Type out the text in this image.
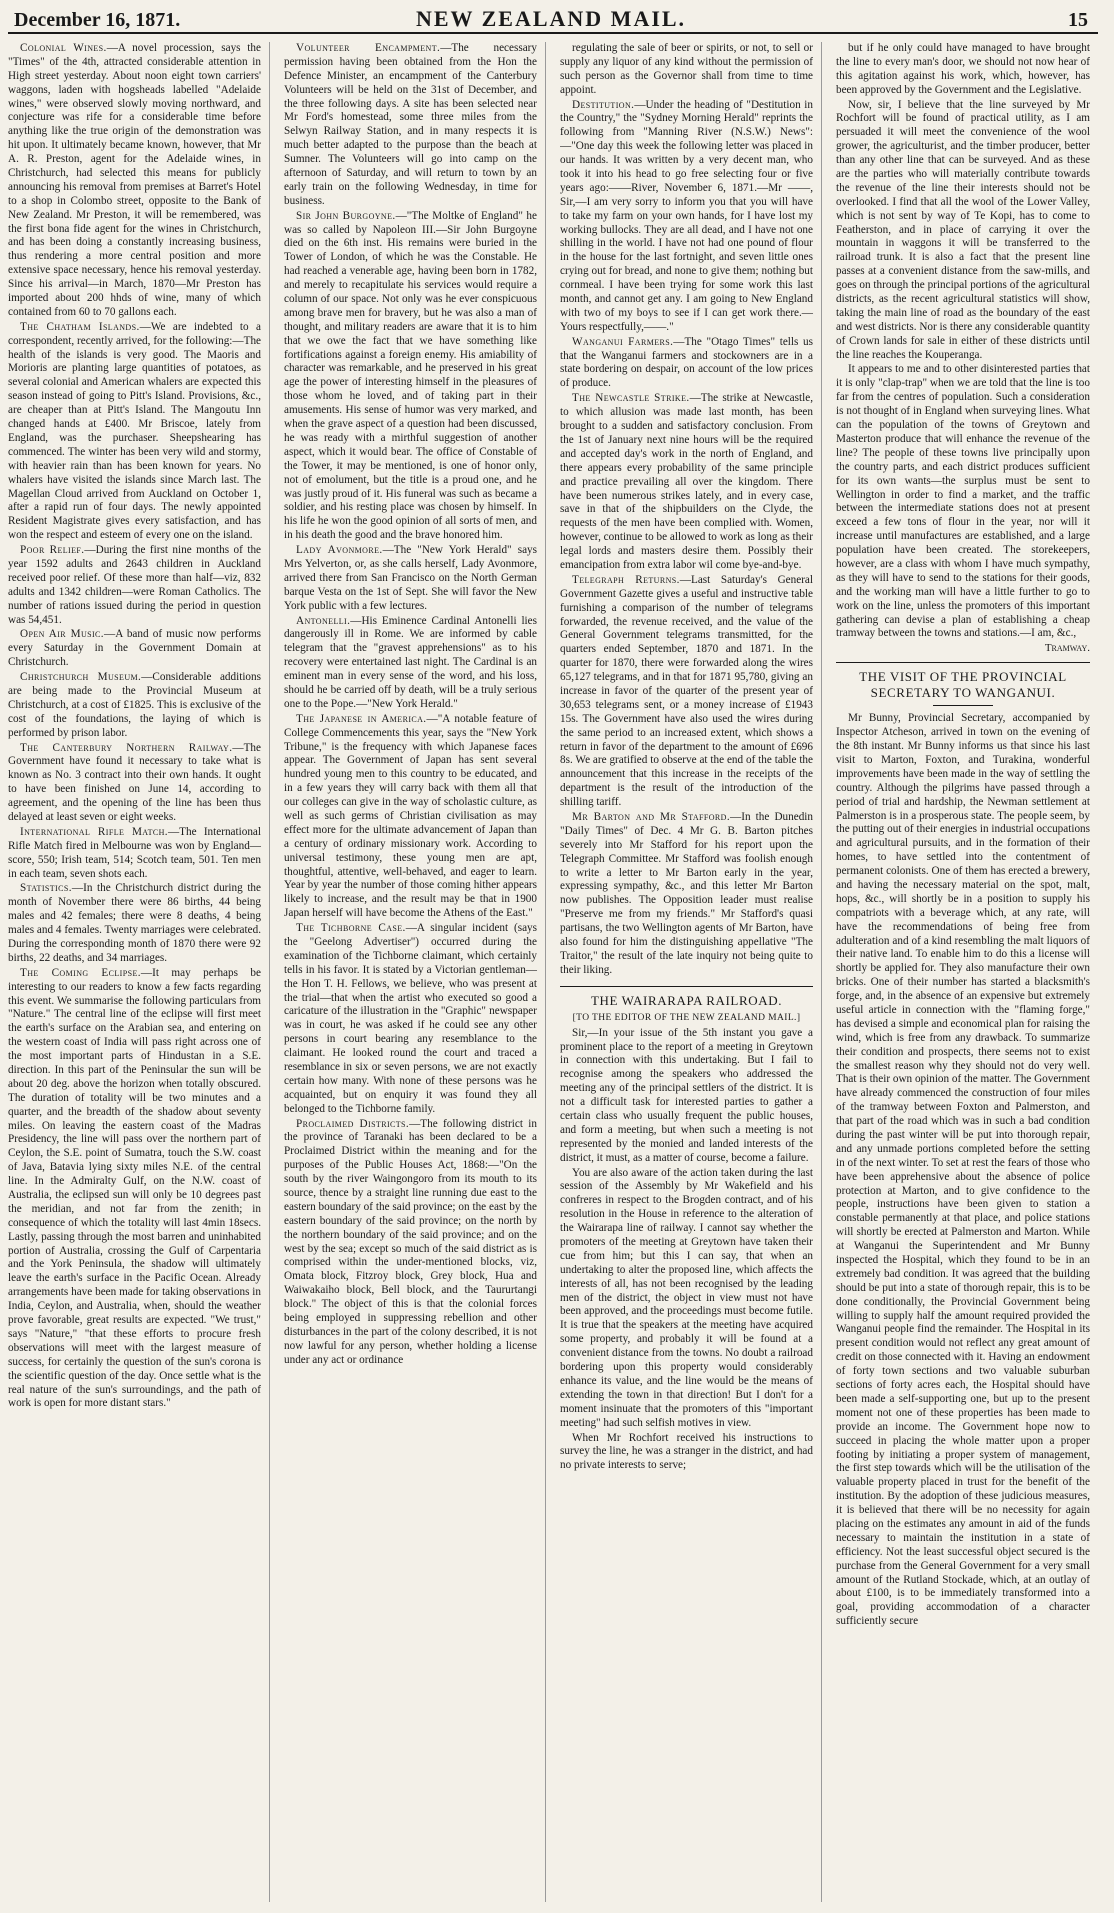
December 16, 1871.	NEW ZEALAND MAIL.	15

Colonial Wines.—A novel procession, says the "Times" of the 4th, attracted considerable attention in High street yesterday. About noon eight town carriers' waggons, laden with hogsheads labelled "Adelaide wines," were observed slowly moving northward, and conjecture was rife for a considerable time before anything like the true origin of the demonstration was hit upon. It ultimately became known, however, that Mr A. R. Preston, agent for the Adelaide wines, in Christchurch, had selected this means for publicly announcing his removal from premises at Barret's Hotel to a shop in Colombo street, opposite to the Bank of New Zealand. Mr Preston, it will be remembered, was the first bona fide agent for the wines in Christchurch, and has been doing a constantly increasing business, thus rendering a more central position and more extensive space necessary, hence his removal yesterday. Since his arrival—in March, 1870—Mr Preston has imported about 200 hhds of wine, many of which contained from 60 to 70 gallons each.

The Chatham Islands.—We are indebted to a correspondent, recently arrived, for the following:—The health of the islands is very good. The Maoris and Morioris are planting large quantities of potatoes, as several colonial and American whalers are expected this season instead of going to Pitt's Island. Provisions, &c., are cheaper than at Pitt's Island. The Mangoutu Inn changed hands at £400. Mr Briscoe, lately from England, was the purchaser. Sheepshearing has commenced. The winter has been very wild and stormy, with heavier rain than has been known for years. No whalers have visited the islands since March last. The Magellan Cloud arrived from Auckland on October 1, after a rapid run of four days. The newly appointed Resident Magistrate gives every satisfaction, and has won the respect and esteem of every one on the island.

Poor Relief.—During the first nine months of the year 1592 adults and 2643 children in Auckland received poor relief. Of these more than half—viz, 832 adults and 1342 children—were Roman Catholics. The number of rations issued during the period in question was 54,451.

Open Air Music.—A band of music now performs every Saturday in the Government Domain at Christchurch.

Christchurch Museum.—Considerable additions are being made to the Provincial Museum at Christchurch, at a cost of £1825. This is exclusive of the cost of the foundations, the laying of which is performed by prison labor.

The Canterbury Northern Railway.—The Government have found it necessary to take what is known as No. 3 contract into their own hands. It ought to have been finished on June 14, according to agreement, and the opening of the line has been thus delayed at least seven or eight weeks.

International Rifle Match.—The International Rifle Match fired in Melbourne was won by England—score, 550; Irish team, 514; Scotch team, 501. Ten men in each team, seven shots each.

Statistics.—In the Christchurch district during the month of November there were 86 births, 44 being males and 42 females; there were 8 deaths, 4 being males and 4 females. Twenty marriages were celebrated. During the corresponding month of 1870 there were 92 births, 22 deaths, and 34 marriages.

The Coming Eclipse.—It may perhaps be interesting to our readers to know a few facts regarding this event. We summarise the following particulars from "Nature." The central line of the eclipse will first meet the earth's surface on the Arabian sea, and entering on the western coast of India will pass right across one of the most important parts of Hindustan in a S.E. direction. In this part of the Peninsular the sun will be about 20 deg. above the horizon when totally obscured. The duration of totality will be two minutes and a quarter, and the breadth of the shadow about seventy miles. On leaving the eastern coast of the Madras Presidency, the line will pass over the northern part of Ceylon, the S.E. point of Sumatra, touch the S.W. coast of Java, Batavia lying sixty miles N.E. of the central line. In the Admiralty Gulf, on the N.W. coast of Australia, the eclipsed sun will only be 10 degrees past the meridian, and not far from the zenith; in consequence of which the totality will last 4min 18secs. Lastly, passing through the most barren and uninhabited portion of Australia, crossing the Gulf of Carpentaria and the York Peninsula, the shadow will ultimately leave the earth's surface in the Pacific Ocean. Already arrangements have been made for taking observations in India, Ceylon, and Australia, when, should the weather prove favorable, great results are expected. "We trust," says "Nature," "that these efforts to procure fresh observations will meet with the largest measure of success, for certainly the question of the sun's corona is the scientific question of the day. Once settle what is the real nature of the sun's surroundings, and the path of work is open for more distant stars."

Volunteer Encampment.—The necessary permission having been obtained from the Hon the Defence Minister, an encampment of the Canterbury Volunteers will be held on the 31st of December, and the three following days. A site has been selected near Mr Ford's homestead, some three miles from the Selwyn Railway Station, and in many respects it is much better adapted to the purpose than the beach at Sumner. The Volunteers will go into camp on the afternoon of Saturday, and will return to town by an early train on the following Wednesday, in time for business.

Sir John Burgoyne.—"The Moltke of England" he was so called by Napoleon III.—Sir John Burgoyne died on the 6th inst. His remains were buried in the Tower of London, of which he was the Constable. He had reached a venerable age, having been born in 1782, and merely to recapitulate his services would require a column of our space. Not only was he ever conspicuous among brave men for bravery, but he was also a man of thought, and military readers are aware that it is to him that we owe the fact that we have something like fortifications against a foreign enemy. His amiability of character was remarkable, and he preserved in his great age the power of interesting himself in the pleasures of those whom he loved, and of taking part in their amusements. His sense of humor was very marked, and when the grave aspect of a question had been discussed, he was ready with a mirthful suggestion of another aspect, which it would bear. The office of Constable of the Tower, it may be mentioned, is one of honor only, not of emolument, but the title is a proud one, and he was justly proud of it. His funeral was such as became a soldier, and his resting place was chosen by himself. In his life he won the good opinion of all sorts of men, and in his death the good and the brave honored him.

Lady Avonmore.—The "New York Herald" says Mrs Yelverton, or, as she calls herself, Lady Avonmore, arrived there from San Francisco on the North German barque Vesta on the 1st of Sept. She will favor the New York public with a few lectures.

Antonelli.—His Eminence Cardinal Antonelli lies dangerously ill in Rome. We are informed by cable telegram that the "gravest apprehensions" as to his recovery were entertained last night. The Cardinal is an eminent man in every sense of the word, and his loss, should he be carried off by death, will be a truly serious one to the Pope.—"New York Herald."

The Japanese in America.—"A notable feature of College Commencements this year, says the "New York Tribune," is the frequency with which Japanese faces appear. The Government of Japan has sent several hundred young men to this country to be educated, and in a few years they will carry back with them all that our colleges can give in the way of scholastic culture, as well as such germs of Christian civilisation as may effect more for the ultimate advancement of Japan than a century of ordinary missionary work. According to universal testimony, these young men are apt, thoughtful, attentive, well-behaved, and eager to learn. Year by year the number of those coming hither appears likely to increase, and the result may be that in 1900 Japan herself will have become the Athens of the East."

The Tichborne Case.—A singular incident (says the "Geelong Advertiser") occurred during the examination of the Tichborne claimant, which certainly tells in his favor. It is stated by a Victorian gentleman—the Hon T. H. Fellows, we believe, who was present at the trial—that when the artist who executed so good a caricature of the illustration in the "Graphic" newspaper was in court, he was asked if he could see any other persons in court bearing any resemblance to the claimant. He looked round the court and traced a resemblance in six or seven persons, we are not exactly certain how many. With none of these persons was he acquainted, but on enquiry it was found they all belonged to the Tichborne family.

Proclaimed Districts.—The following district in the province of Taranaki has been declared to be a Proclaimed District within the meaning and for the purposes of the Public Houses Act, 1868:—"On the south by the river Waingongoro from its mouth to its source, thence by a straight line running due east to the eastern boundary of the said province; on the east by the eastern boundary of the said province; on the north by the northern boundary of the said province; and on the west by the sea; except so much of the said district as is comprised within the under-mentioned blocks, viz, Omata block, Fitzroy block, Grey block, Hua and Waiwakaiho block, Bell block, and the Taururtangi block." The object of this is that the colonial forces being employed in suppressing rebellion and other disturbances in the part of the colony described, it is not now lawful for any person, whether holding a license under any act or ordinance

regulating the sale of beer or spirits, or not, to sell or supply any liquor of any kind without the permission of such person as the Governor shall from time to time appoint.

Destitution.—Under the heading of "Destitution in the Country," the "Sydney Morning Herald" reprints the following from "Manning River (N.S.W.) News":—"One day this week the following letter was placed in our hands. It was written by a very decent man, who took it into his head to go free selecting four or five years ago:——River, November 6, 1871.—Mr ——, Sir,—I am very sorry to inform you that you will have to take my farm on your own hands, for I have lost my working bullocks. They are all dead, and I have not one shilling in the world. I have not had one pound of flour in the house for the last fortnight, and seven little ones crying out for bread, and none to give them; nothing but cornmeal. I have been trying for some work this last month, and cannot get any. I am going to New England with two of my boys to see if I can get work there.—Yours respectfully,——."

Wanganui Farmers.—The "Otago Times" tells us that the Wanganui farmers and stockowners are in a state bordering on despair, on account of the low prices of produce.

The Newcastle Strike.—The strike at Newcastle, to which allusion was made last month, has been brought to a sudden and satisfactory conclusion. From the 1st of January next nine hours will be the required and accepted day's work in the north of England, and there appears every probability of the same principle and practice prevailing all over the kingdom. There have been numerous strikes lately, and in every case, save in that of the shipbuilders on the Clyde, the requests of the men have been complied with. Women, however, continue to be allowed to work as long as their legal lords and masters desire them. Possibly their emancipation from extra labor wil come bye-and-bye.

Telegraph Returns.—Last Saturday's General Government Gazette gives a useful and instructive table furnishing a comparison of the number of telegrams forwarded, the revenue received, and the value of the General Government telegrams transmitted, for the quarters ended September, 1870 and 1871. In the quarter for 1870, there were forwarded along the wires 65,127 telegrams, and in that for 1871 95,780, giving an increase in favor of the quarter of the present year of 30,653 telegrams sent, or a money increase of £1943 15s. The Government have also used the wires during the same period to an increased extent, which shows a return in favor of the department to the amount of £696 8s. We are gratified to observe at the end of the table the announcement that this increase in the receipts of the department is the result of the introduction of the shilling tariff.

Mr Barton and Mr Stafford.—In the Dunedin "Daily Times" of Dec. 4 Mr G. B. Barton pitches severely into Mr Stafford for his report upon the Telegraph Committee. Mr Stafford was foolish enough to write a letter to Mr Barton early in the year, expressing sympathy, &c., and this letter Mr Barton now publishes. The Opposition leader must realise "Preserve me from my friends." Mr Stafford's quasi partisans, the two Wellington agents of Mr Barton, have also found for him the distinguishing appellative "The Traitor," the result of the late inquiry not being quite to their liking.

THE WAIRARAPA RAILROAD.
[TO THE EDITOR OF THE NEW ZEALAND MAIL.]

Sir,—In your issue of the 5th instant you gave a prominent place to the report of a meeting in Greytown in connection with this undertaking. But I fail to recognise among the speakers who addressed the meeting any of the principal settlers of the district. It is not a difficult task for interested parties to gather a certain class who usually frequent the public houses, and form a meeting, but when such a meeting is not represented by the monied and landed interests of the district, it must, as a matter of course, become a failure.

You are also aware of the action taken during the last session of the Assembly by Mr Wakefield and his confreres in respect to the Brogden contract, and of his resolution in the House in reference to the alteration of the Wairarapa line of railway. I cannot say whether the promoters of the meeting at Greytown have taken their cue from him; but this I can say, that when an undertaking to alter the proposed line, which affects the interests of all, has not been recognised by the leading men of the district, the object in view must not have been approved, and the proceedings must become futile. It is true that the speakers at the meeting have acquired some property, and probably it will be found at a convenient distance from the towns. No doubt a railroad bordering upon this property would considerably enhance its value, and the line would be the means of extending the town in that direction! But I don't for a moment insinuate that the promoters of this "important meeting" had such selfish motives in view.

When Mr Rochfort received his instructions to survey the line, he was a stranger in the district, and had no private interests to serve;

but if he only could have managed to have brought the line to every man's door, we should not now hear of this agitation against his work, which, however, has been approved by the Government and the Legislative.

Now, sir, I believe that the line surveyed by Mr Rochfort will be found of practical utility, as I am persuaded it will meet the convenience of the wool grower, the agriculturist, and the timber producer, better than any other line that can be surveyed. And as these are the parties who will materially contribute towards the revenue of the line their interests should not be overlooked. I find that all the wool of the Lower Valley, which is not sent by way of Te Kopi, has to come to Featherston, and in place of carrying it over the mountain in waggons it will be transferred to the railroad trunk. It is also a fact that the present line passes at a convenient distance from the saw-mills, and goes on through the principal portions of the agricultural districts, as the recent agricultural statistics will show, taking the main line of road as the boundary of the east and west districts. Nor is there any considerable quantity of Crown lands for sale in either of these districts until the line reaches the Kouperanga.

It appears to me and to other disinterested parties that it is only "clap-trap" when we are told that the line is too far from the centres of population. Such a consideration is not thought of in England when surveying lines. What can the population of the towns of Greytown and Masterton produce that will enhance the revenue of the line? The people of these towns live principally upon the country parts, and each district produces sufficient for its own wants—the surplus must be sent to Wellington in order to find a market, and the traffic between the intermediate stations does not at present exceed a few tons of flour in the year, nor will it increase until manufactures are established, and a large population have been created. The storekeepers, however, are a class with whom I have much sympathy, as they will have to send to the stations for their goods, and the working man will have a little further to go to work on the line, unless the promoters of this important gathering can devise a plan of establishing a cheap tramway between the towns and stations.—I am, &c.,

Tramway.
THE VISIT OF THE PROVINCIAL SECRETARY TO WANGANUI.

Mr Bunny, Provincial Secretary, accompanied by Inspector Atcheson, arrived in town on the evening of the 8th instant. Mr Bunny informs us that since his last visit to Marton, Foxton, and Turakina, wonderful improvements have been made in the way of settling the country. Although the pilgrims have passed through a period of trial and hardship, the Newman settlement at Palmerston is in a prosperous state. The people seem, by the putting out of their energies in industrial occupations and agricultural pursuits, and in the formation of their homes, to have settled into the contentment of permanent colonists. One of them has erected a brewery, and having the necessary material on the spot, malt, hops, &c., will shortly be in a position to supply his compatriots with a beverage which, at any rate, will have the recommendations of being free from adulteration and of a kind resembling the malt liquors of their native land. To enable him to do this a license will shortly be applied for. They also manufacture their own bricks. One of their number has started a blacksmith's forge, and, in the absence of an expensive but extremely useful article in connection with the "flaming forge," has devised a simple and economical plan for raising the wind, which is free from any drawback. To summarize their condition and prospects, there seems not to exist the smallest reason why they should not do very well. That is their own opinion of the matter. The Government have already commenced the construction of four miles of the tramway between Foxton and Palmerston, and that part of the road which was in such a bad condition during the past winter will be put into thorough repair, and any unmade portions completed before the setting in of the next winter. To set at rest the fears of those who have been apprehensive about the absence of police protection at Marton, and to give confidence to the people, instructions have been given to station a constable permanently at that place, and police stations will shortly be erected at Palmerston and Marton. While at Wanganui the Superintendent and Mr Bunny inspected the Hospital, which they found to be in an extremely bad condition. It was agreed that the building should be put into a state of thorough repair, this is to be done conditionally, the Provincial Government being willing to supply half the amount required provided the Wanganui people find the remainder. The Hospital in its present condition would not reflect any great amount of credit on those connected with it. Having an endowment of forty town sections and two valuable suburban sections of forty acres each, the Hospital should have been made a self-supporting one, but up to the present moment not one of these properties has been made to provide an income. The Government hope now to succeed in placing the whole matter upon a proper footing by initiating a proper system of management, the first step towards which will be the utilisation of the valuable property placed in trust for the benefit of the institution. By the adoption of these judicious measures, it is believed that there will be no necessity for again placing on the estimates any amount in aid of the funds necessary to maintain the institution in a state of efficiency. Not the least successful object secured is the purchase from the General Government for a very small amount of the Rutland Stockade, which, at an outlay of about £100, is to be immediately transformed into a goal, providing accommodation of a character sufficiently secure
